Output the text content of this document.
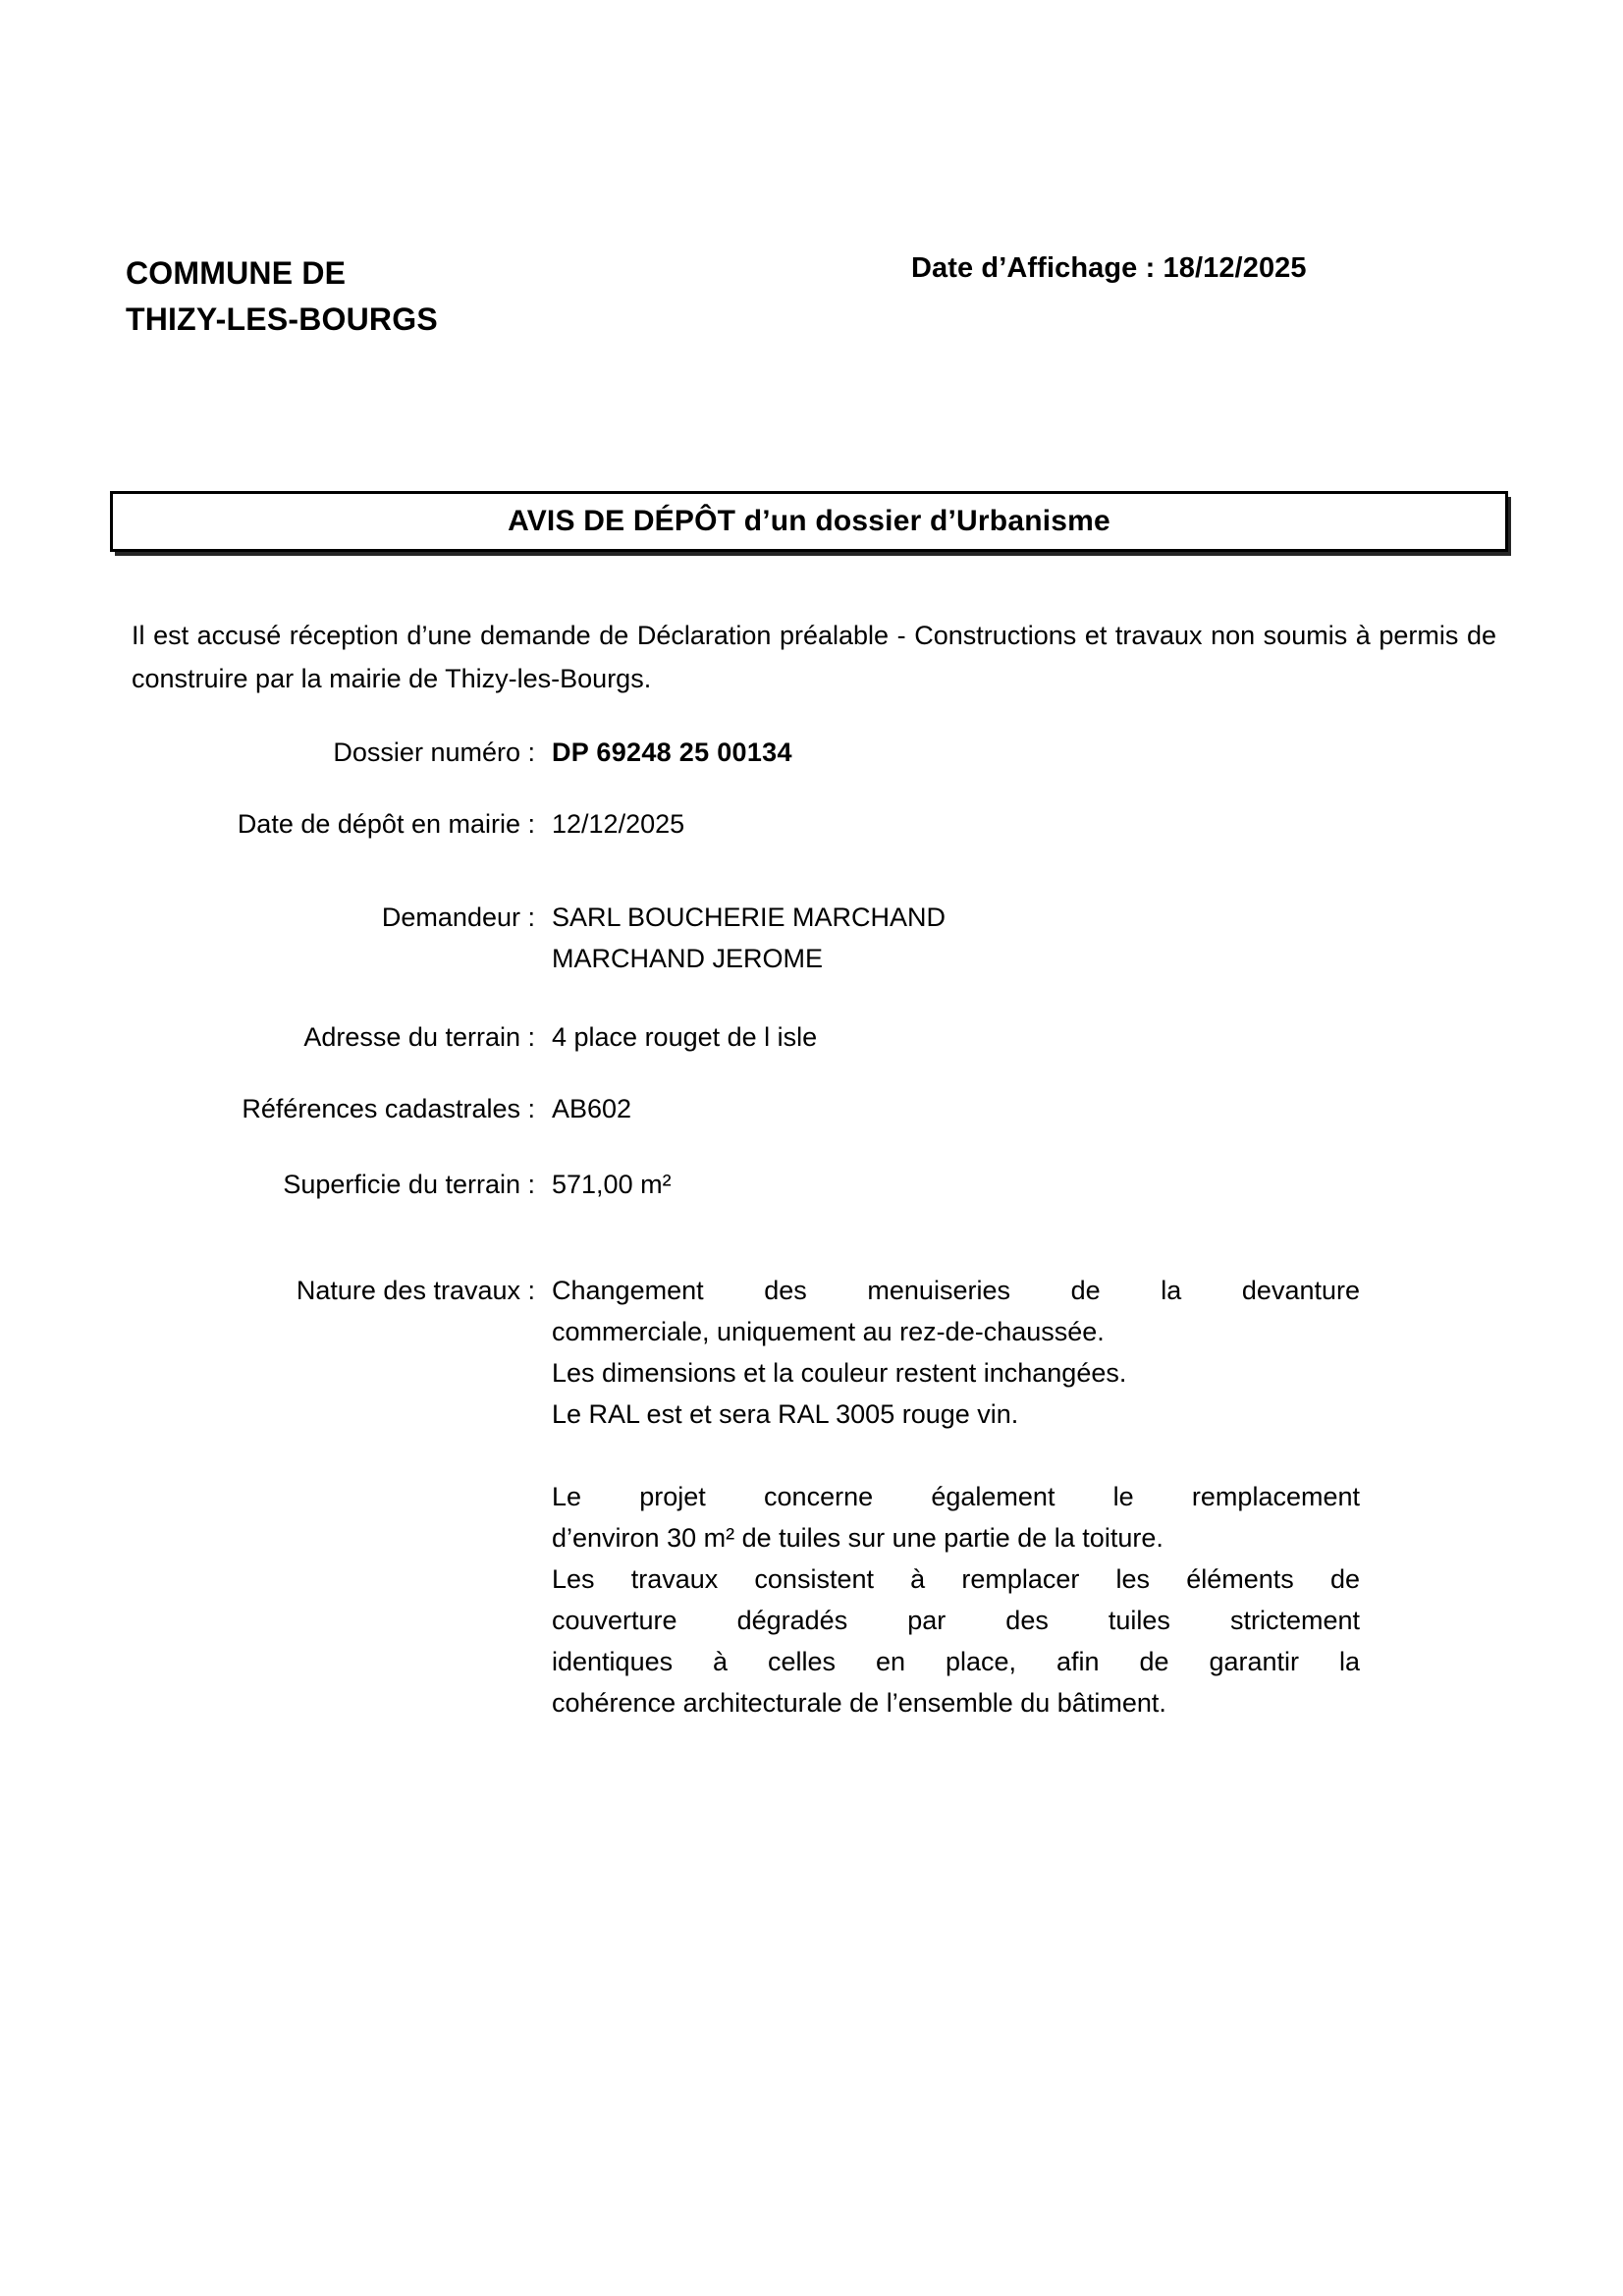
COMMUNE DE
THIZY-LES-BOURGS
Date d’Affichage : 18/12/2025
AVIS DE DÉPÔT d’un dossier d’Urbanisme
Il est accusé réception d’une demande de Déclaration préalable - Constructions et travaux non soumis à permis de construire par la mairie de Thizy-les-Bourgs.
Dossier numéro : DP 69248 25 00134
Date de dépôt en mairie : 12/12/2025
Demandeur : SARL BOUCHERIE MARCHAND
MARCHAND JEROME
Adresse du terrain : 4 place rouget de l isle
Références cadastrales : AB602
Superficie du terrain : 571,00 m²
Nature des travaux : Changement des menuiseries de la devanture
commerciale, uniquement au rez-de-chaussée.
Les dimensions et la couleur restent inchangées.
Le RAL est et sera RAL 3005 rouge vin.

Le projet concerne également le remplacement
d’environ 30 m² de tuiles sur une partie de la toiture.
Les travaux consistent à remplacer les éléments de
couverture dégradés par des tuiles strictement
identiques à celles en place, afin de garantir la
cohérence architecturale de l’ensemble du bâtiment.
